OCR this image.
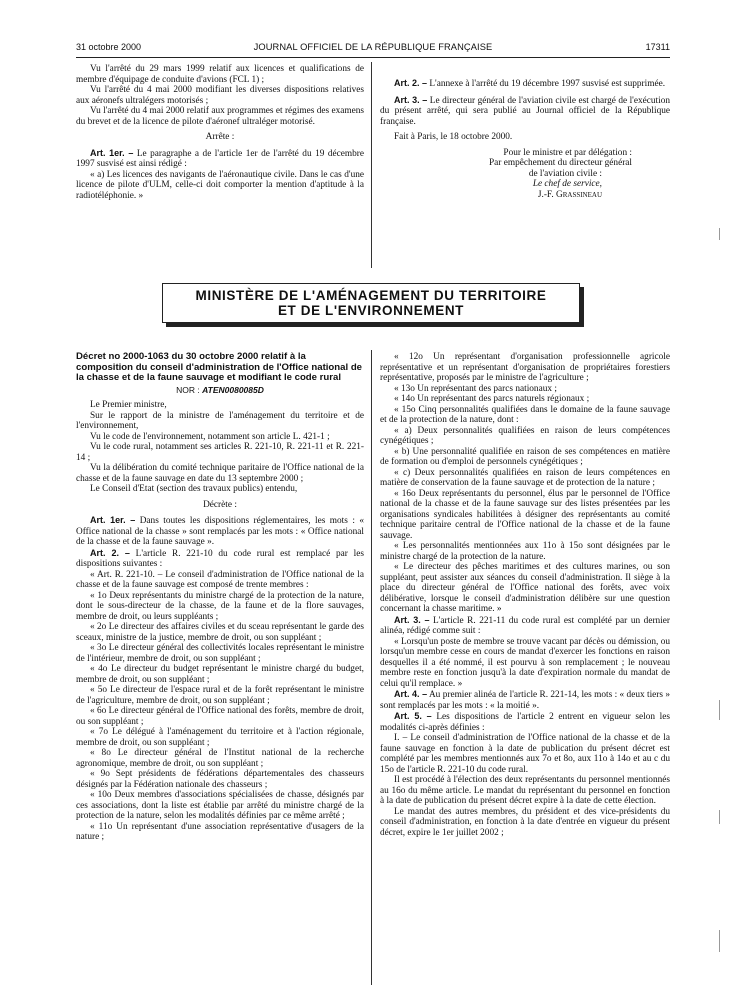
31 octobre 2000	JOURNAL OFFICIEL DE LA RÉPUBLIQUE FRANÇAISE	17311

Vu l'arrêté du 29 mars 1999 relatif aux licences et qualifications de membre d'équipage de conduite d'avions (FCL 1) ;

Vu l'arrêté du 4 mai 2000 modifiant les diverses dispositions relatives aux aéronefs ultralégers motorisés ;

Vu l'arrêté du 4 mai 2000 relatif aux programmes et régimes des examens du brevet et de la licence de pilote d'aéronef ultraléger motorisé.

Arrête :

Art. 1er. – Le paragraphe a de l'article 1er de l'arrêté du 19 décembre 1997 susvisé est ainsi rédigé :

« a) Les licences des navigants de l'aéronautique civile. Dans le cas d'une licence de pilote d'ULM, celle-ci doit comporter la mention d'aptitude à la radiotéléphonie. »

Art. 2. – L'annexe à l'arrêté du 19 décembre 1997 susvisé est supprimée.

Art. 3. – Le directeur général de l'aviation civile est chargé de l'exécution du présent arrêté, qui sera publié au Journal officiel de la République française.

Fait à Paris, le 18 octobre 2000.

Pour le ministre et par délégation :

Par empêchement du directeur général

de l'aviation civile :

Le chef de service,

J.-F. Grassineau

MINISTÈRE DE L'AMÉNAGEMENT DU TERRITOIRE
ET DE L'ENVIRONNEMENT
Décret no 2000-1063 du 30 octobre 2000 relatif à la composition du conseil d'administration de l'Office national de la chasse et de la faune sauvage et modifiant le code rural
NOR : ATEN0080085D

Le Premier ministre,

Sur le rapport de la ministre de l'aménagement du territoire et de l'environnement,

Vu le code de l'environnement, notamment son article L. 421-1 ;

Vu le code rural, notamment ses articles R. 221-10, R. 221-11 et R. 221-14 ;

Vu la délibération du comité technique paritaire de l'Office national de la chasse et de la faune sauvage en date du 13 septembre 2000 ;

Le Conseil d'Etat (section des travaux publics) entendu,

Décrète :

Art. 1er. – Dans toutes les dispositions réglementaires, les mots : « Office national de la chasse » sont remplacés par les mots : « Office national de la chasse et de la faune sauvage ».

Art. 2. – L'article R. 221-10 du code rural est remplacé par les dispositions suivantes :

« Art. R. 221-10. – Le conseil d'administration de l'Office national de la chasse et de la faune sauvage est composé de trente membres :

« 1o Deux représentants du ministre chargé de la protection de la nature, dont le sous-directeur de la chasse, de la faune et de la flore sauvages, membre de droit, ou leurs suppléants ;

« 2o Le directeur des affaires civiles et du sceau représentant le garde des sceaux, ministre de la justice, membre de droit, ou son suppléant ;

« 3o Le directeur général des collectivités locales représentant le ministre de l'intérieur, membre de droit, ou son suppléant ;

« 4o Le directeur du budget représentant le ministre chargé du budget, membre de droit, ou son suppléant ;

« 5o Le directeur de l'espace rural et de la forêt représentant le ministre de l'agriculture, membre de droit, ou son suppléant ;

« 6o Le directeur général de l'Office national des forêts, membre de droit, ou son suppléant ;

« 7o Le délégué à l'aménagement du territoire et à l'action régionale, membre de droit, ou son suppléant ;

« 8o Le directeur général de l'Institut national de la recherche agronomique, membre de droit, ou son suppléant ;

« 9o Sept présidents de fédérations départementales des chasseurs désignés par la Fédération nationale des chasseurs ;

« 10o Deux membres d'associations spécialisées de chasse, désignés par ces associations, dont la liste est établie par arrêté du ministre chargé de la protection de la nature, selon les modalités définies par ce même arrêté ;

« 11o Un représentant d'une association représentative d'usagers de la nature ;

« 12o Un représentant d'organisation professionnelle agricole représentative et un représentant d'organisation de propriétaires forestiers représentative, proposés par le ministre de l'agriculture ;

« 13o Un représentant des parcs nationaux ;

« 14o Un représentant des parcs naturels régionaux ;

« 15o Cinq personnalités qualifiées dans le domaine de la faune sauvage et de la protection de la nature, dont :

« a) Deux personnalités qualifiées en raison de leurs compétences cynégétiques ;

« b) Une personnalité qualifiée en raison de ses compétences en matière de formation ou d'emploi de personnels cynégétiques ;

« c) Deux personnalités qualifiées en raison de leurs compétences en matière de conservation de la faune sauvage et de protection de la nature ;

« 16o Deux représentants du personnel, élus par le personnel de l'Office national de la chasse et de la faune sauvage sur des listes présentées par les organisations syndicales habilitées à désigner des représentants au comité technique paritaire central de l'Office national de la chasse et de la faune sauvage.

« Les personnalités mentionnées aux 11o à 15o sont désignées par le ministre chargé de la protection de la nature.

« Le directeur des pêches maritimes et des cultures marines, ou son suppléant, peut assister aux séances du conseil d'administration. Il siège à la place du directeur général de l'Office national des forêts, avec voix délibérative, lorsque le conseil d'administration délibère sur une question concernant la chasse maritime. »

Art. 3. – L'article R. 221-11 du code rural est complété par un dernier alinéa, rédigé comme suit :

« Lorsqu'un poste de membre se trouve vacant par décès ou démission, ou lorsqu'un membre cesse en cours de mandat d'exercer les fonctions en raison desquelles il a été nommé, il est pourvu à son remplacement ; le nouveau membre reste en fonction jusqu'à la date d'expiration normale du mandat de celui qu'il remplace. »

Art. 4. – Au premier alinéa de l'article R. 221-14, les mots : « deux tiers » sont remplacés par les mots : « la moitié ».

Art. 5. – Les dispositions de l'article 2 entrent en vigueur selon les modalités ci-après définies :

I. – Le conseil d'administration de l'Office national de la chasse et de la faune sauvage en fonction à la date de publication du présent décret est complété par les membres mentionnés aux 7o et 8o, aux 11o à 14o et au c du 15o de l'article R. 221-10 du code rural.

Il est procédé à l'élection des deux représentants du personnel mentionnés au 16o du même article. Le mandat du représentant du personnel en fonction à la date de publication du présent décret expire à la date de cette élection.

Le mandat des autres membres, du président et des vice-présidents du conseil d'administration, en fonction à la date d'entrée en vigueur du présent décret, expire le 1er juillet 2002 ;
